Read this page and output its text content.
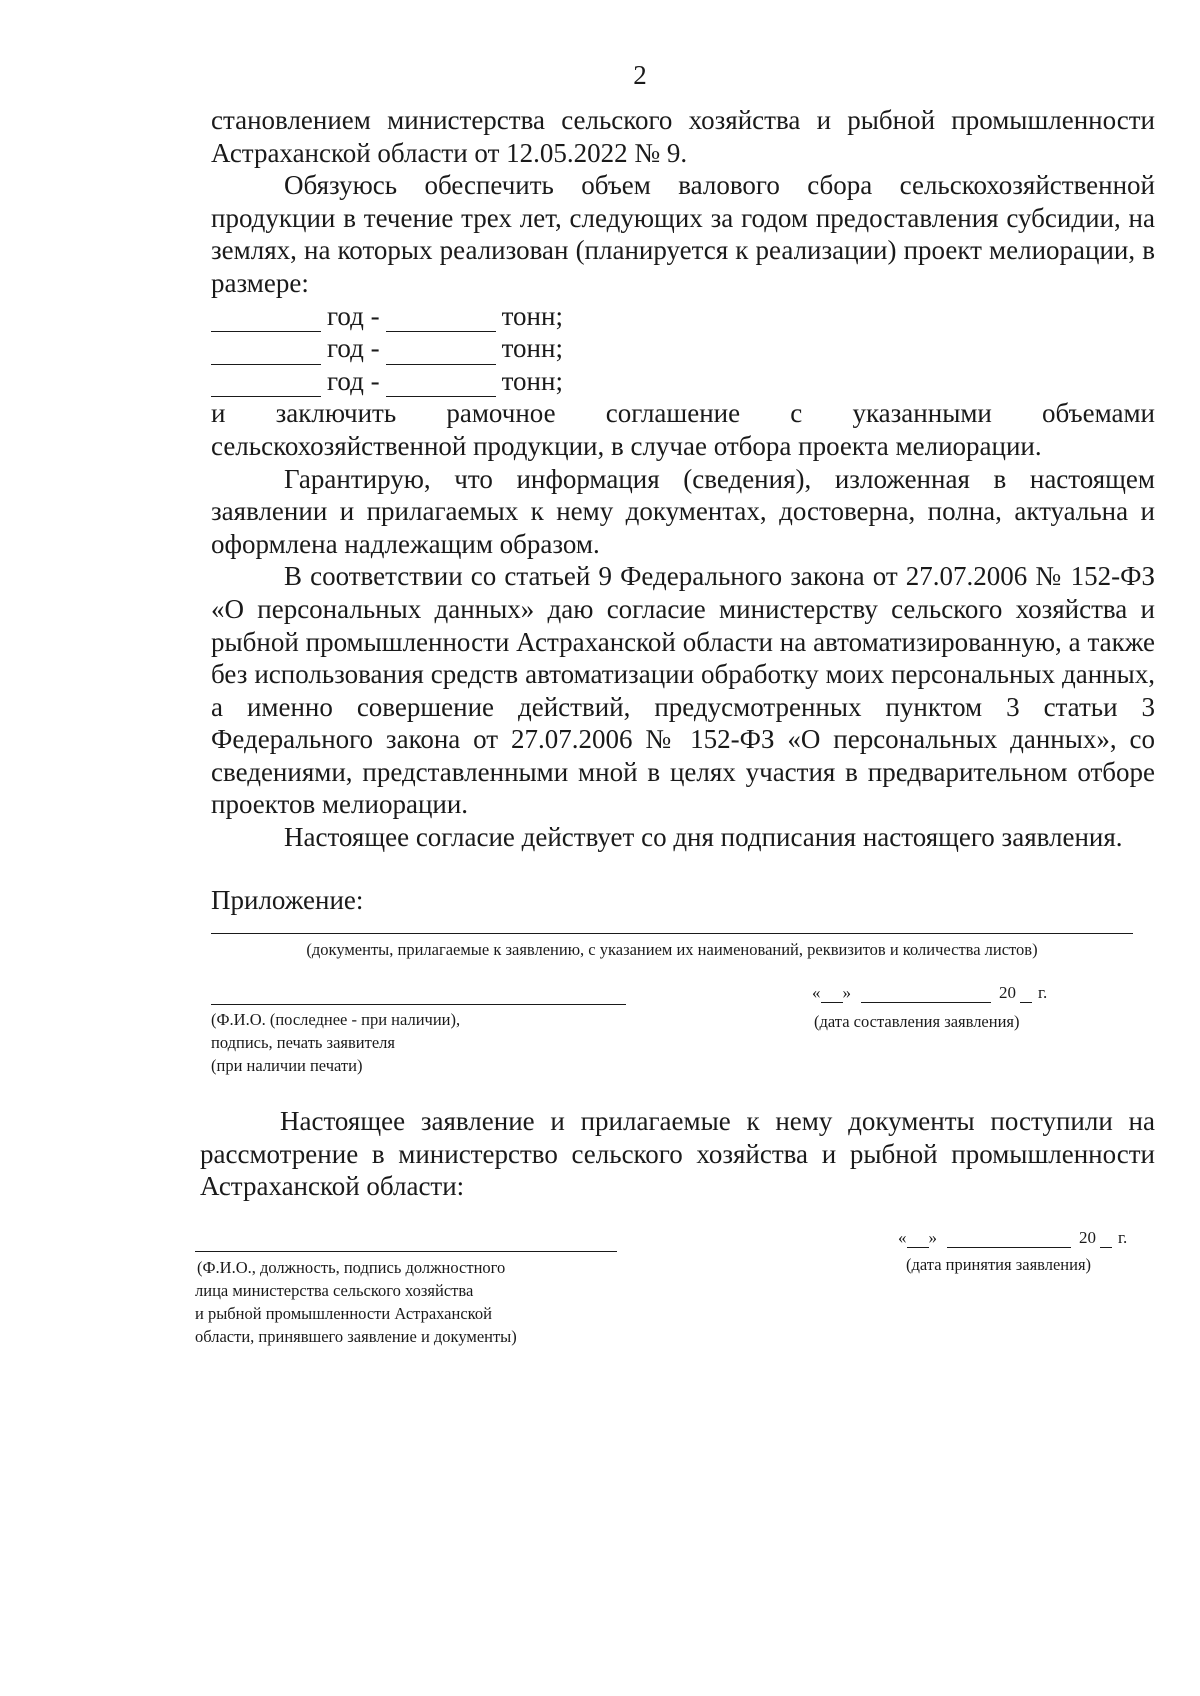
2

становлением министерства сельского хозяйства и рыбной промышленности Астраханской области от 12.05.2022 № 9.

Обязуюсь обеспечить объем валового сбора сельскохозяйственной продукции в течение трех лет, следующих за годом предоставления субсидии, на землях, на которых реализован (планируется к реализации) проект мелиорации, в размере:

год -	тонн;
год -	тонн;
год -	тонн;

и заключить рамочное соглашение с указанными объемами сельскохозяйственной продукции, в случае отбора проекта мелиорации.

Гарантирую, что информация (сведения), изложенная в настоящем заявлении и прилагаемых к нему документах, достоверна, полна, актуальна и оформлена надлежащим образом.

В соответствии со статьей 9 Федерального закона от 27.07.2006 № 152-ФЗ «О персональных данных» даю согласие министерству сельского хозяйства и рыбной промышленности Астраханской области на автоматизированную, а также без использования средств автоматизации обработку моих персональных данных, а именно совершение действий, предусмотренных пунктом 3 статьи 3 Федерального закона от 27.07.2006 № 152-ФЗ «О персональных данных», со сведениями, представленными мной в целях участия в предварительном отборе проектов мелиорации.

Настоящее согласие действует со дня подписания настоящего заявления.

Приложение:
(документы, прилагаемые к заявлению, с указанием их наименований, реквизитов и количества листов)
(Ф.И.О. (последнее - при наличии),
подпись, печать заявителя
(при наличии печати)
« »	20 г.
(дата составления заявления)

Настоящее заявление и прилагаемые к нему документы поступили на рассмотрение в министерство сельского хозяйства и рыбной промышленности Астраханской области:

(Ф.И.О., должность, подпись должностного
лица министерства сельского хозяйства
и рыбной промышленности Астраханской
области, принявшего заявление и документы)
« »	20 г.
(дата принятия заявления)
